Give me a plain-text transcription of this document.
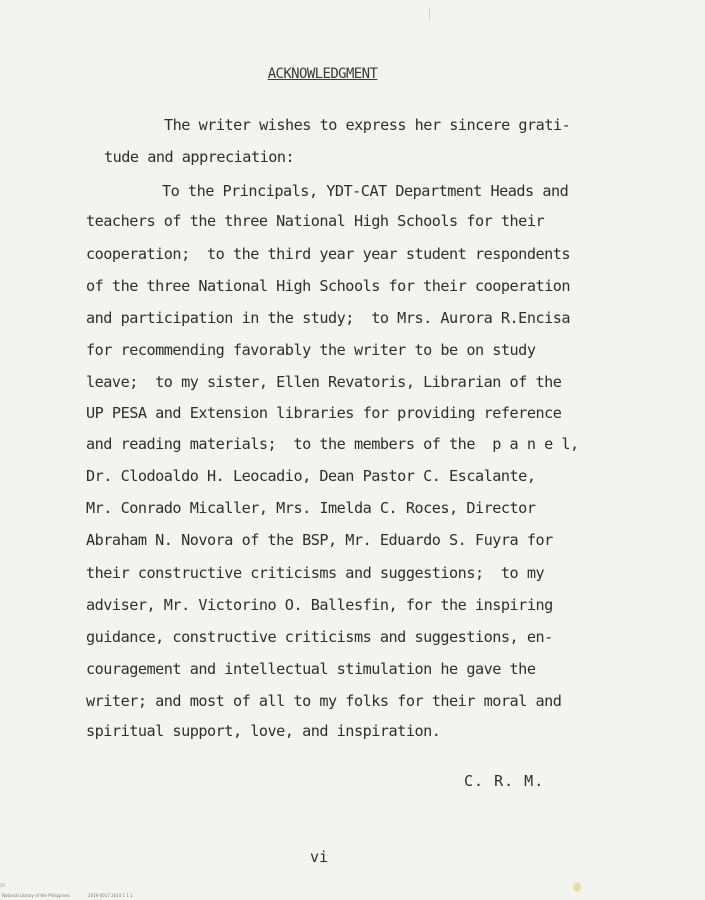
ACKNOWLEDGMENT
The writer wishes to express her sincere grati-
tude and appreciation:
To the Principals, YDT-CAT Department Heads and
teachers of the three National High Schools for their
cooperation;  to the third year year student respondents
of the three National High Schools for their cooperation
and participation in the study;  to Mrs. Aurora R.Encisa
for recommending favorably the writer to be on study
leave;  to my sister, Ellen Revatoris, Librarian of the
UP PESA and Extension libraries for providing reference
and reading materials;  to the members of the  p a n e l,
Dr. Clodoaldo H. Leocadio, Dean Pastor C. Escalante,
Mr. Conrado Micaller, Mrs. Imelda C. Roces, Director
Abraham N. Novora of the BSP, Mr. Eduardo S. Fuyra for
their constructive criticisms and suggestions;  to my
adviser, Mr. Victorino O. Ballesfin, for the inspiring
guidance, constructive criticisms and suggestions, en-
couragement and intellectual stimulation he gave the
writer; and most of all to my folks for their moral and
spiritual support, love, and inspiration.
C. R. M.
vi
National Library of the Philippines	2019-0017 2014 1 1 1
